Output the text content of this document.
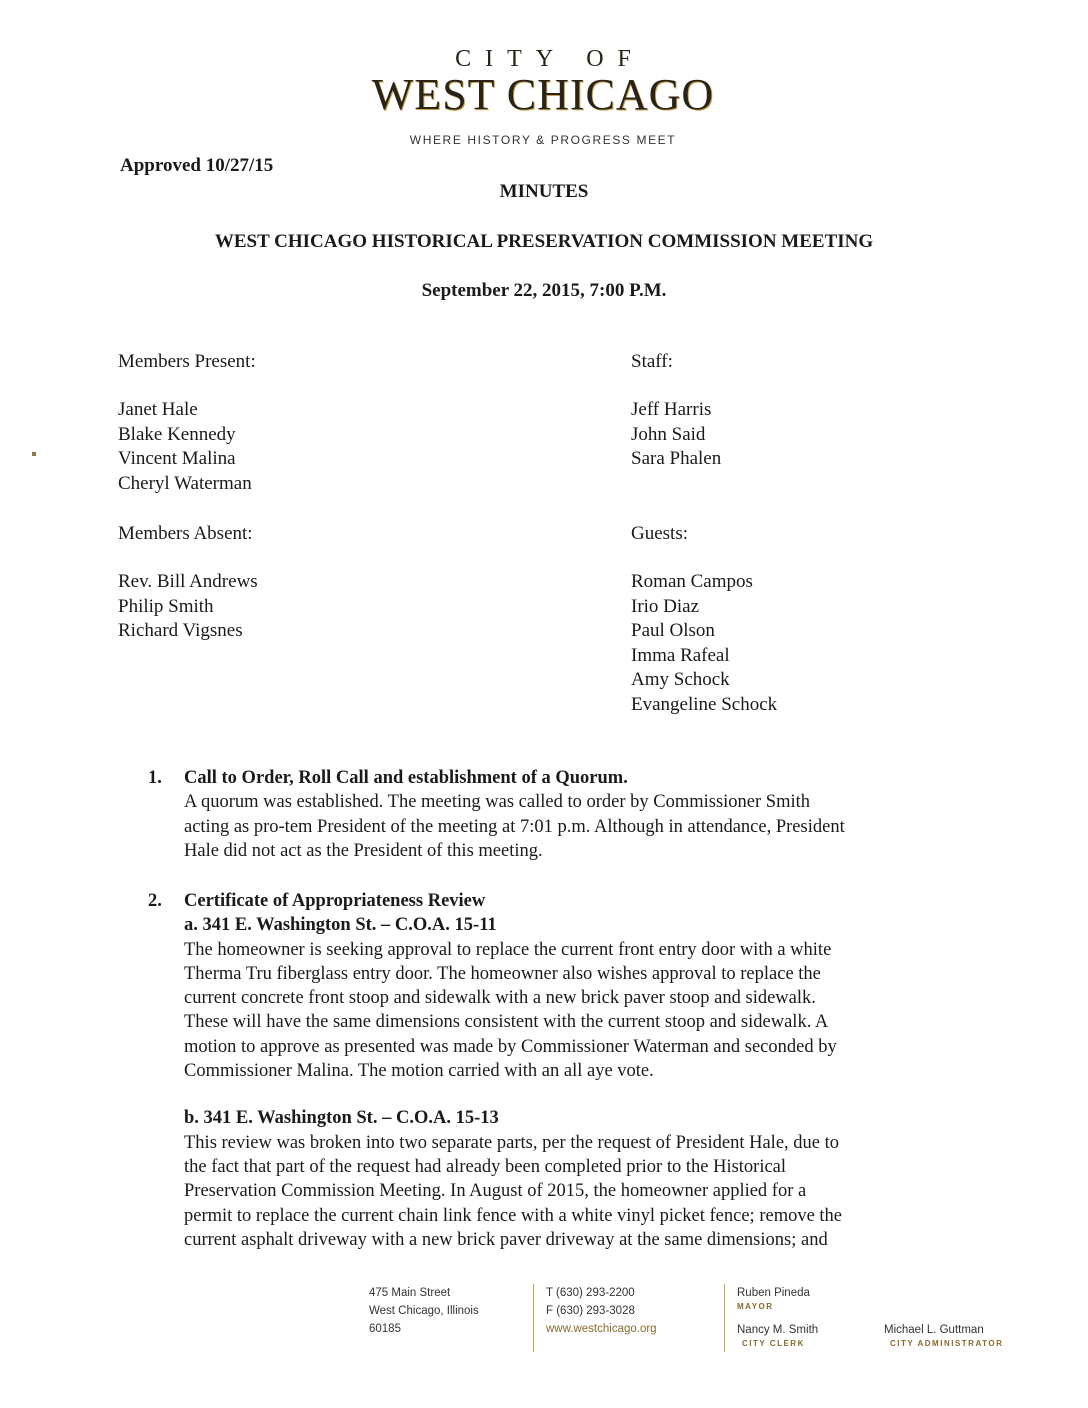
CITY OF
WEST CHICAGO
WHERE HISTORY & PROGRESS MEET
Approved 10/27/15
MINUTES
WEST CHICAGO HISTORICAL PRESERVATION COMMISSION MEETING
September 22, 2015, 7:00 P.M.
Members Present:
Janet Hale
Blake Kennedy
Vincent Malina
Cheryl Waterman
Staff:
Jeff Harris
John Said
Sara Phalen
Members Absent:
Rev. Bill Andrews
Philip Smith
Richard Vigsnes
Guests:
Roman Campos
Irio Diaz
Paul Olson
Imma Rafeal
Amy Schock
Evangeline Schock
1.	Call to Order, Roll Call and establishment of a Quorum.
A quorum was established. The meeting was called to order by Commissioner Smith
acting as pro-tem President of the meeting at 7:01 p.m. Although in attendance, President
Hale did not act as the President of this meeting.
2.	Certificate of Appropriateness Review
a. 341 E. Washington St. – C.O.A. 15-11
The homeowner is seeking approval to replace the current front entry door with a white
Therma Tru fiberglass entry door. The homeowner also wishes approval to replace the
current concrete front stoop and sidewalk with a new brick paver stoop and sidewalk.
These will have the same dimensions consistent with the current stoop and sidewalk. A
motion to approve as presented was made by Commissioner Waterman and seconded by
Commissioner Malina. The motion carried with an all aye vote.
b. 341 E. Washington St. – C.O.A. 15-13
This review was broken into two separate parts, per the request of President Hale, due to
the fact that part of the request had already been completed prior to the Historical
Preservation Commission Meeting. In August of 2015, the homeowner applied for a
permit to replace the current chain link fence with a white vinyl picket fence; remove the
current asphalt driveway with a new brick paver driveway at the same dimensions; and
475 Main Street
West Chicago, Illinois
60185
T (630) 293-2200
F (630) 293-3028
www.westchicago.org
Ruben Pineda
MAYOR
Nancy M. Smith
CITY CLERK
Michael L. Guttman
CITY ADMINISTRATOR
